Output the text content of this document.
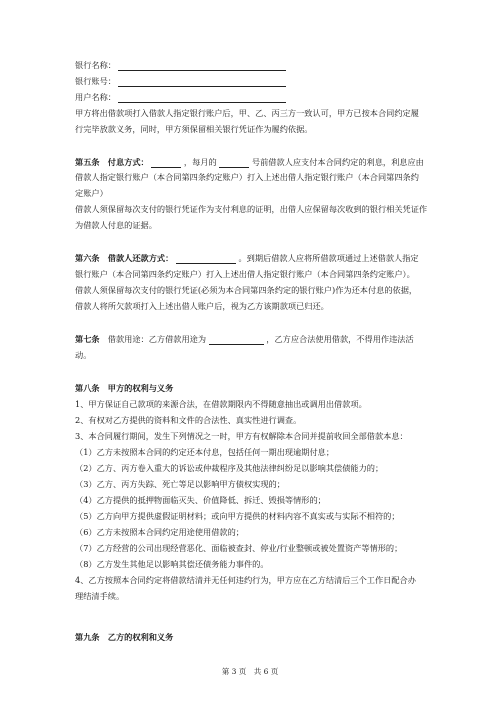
银行名称：
银行账号：
用户名称：
甲方将出借款项打入借款人指定银行账户后，甲、乙、丙三方一致认可，甲方已按本合同约定履
行完毕放款义务，同时，甲方须保留相关银行凭证作为履约依据。
第五条　付息方式：	，每月的	号前借款人应支付本合同约定的利息，利息应由
借款人指定银行账户（本合同第四条约定账户）打入上述出借人指定银行账户（本合同第四条约
定账户）
借款人须保留每次支付的银行凭证作为支付利息的证明，出借人应保留每次收到的银行相关凭证作
为借款人付息的证据。
第六条　借款人还款方式：	。到期后借款人应将所借款项通过上述借款人指定
银行账户（本合同第四条约定账户）打入上述出借人指定银行账户（本合同第四条约定账户）。
借款人须保留每次支付的银行凭证(必须为本合同第四条约定的银行账户)作为还本付息的依据，
借款人将所欠款项打入上述出借人账户后，视为乙方该期款项已归还。
第七条　借款用途：乙方借款用途为	，乙方应合法使用借款，不得用作违法活
动。
第八条　甲方的权利与义务
1、甲方保证自己款项的来源合法，在借款期限内不得随意抽出或调用出借款项。
2、有权对乙方提供的资料和文件的合法性、真实性进行调查。
3、本合同履行期间，发生下列情况之一时，甲方有权解除本合同并提前收回全部借款本息：
（1）乙方未按照本合同的约定还本付息，包括任何一期出现逾期付息；
（2）乙方、丙方卷入重大的诉讼或仲裁程序及其他法律纠纷足以影响其偿债能力的；
（3）乙方、丙方失踪、死亡等足以影响甲方债权实现的；
（4）乙方提供的抵押物面临灭失、价值降低、拆迁、毁损等情形的；
（5）乙方向甲方提供虚假证明材料；或向甲方提供的材料内容不真实或与实际不相符的；
（6）乙方未按照本合同约定用途使用借款的；
（7）乙方经营的公司出现经营恶化、面临被查封、停业/行业整顿或被处置资产等情形的；
（8）乙方发生其他足以影响其偿还债务能力事件的。
4、乙方按照本合同约定将借款结清并无任何违约行为，甲方应在乙方结清后三个工作日配合办
理结清手续。
第九条　乙方的权利和义务
第 3 页　共 6 页
